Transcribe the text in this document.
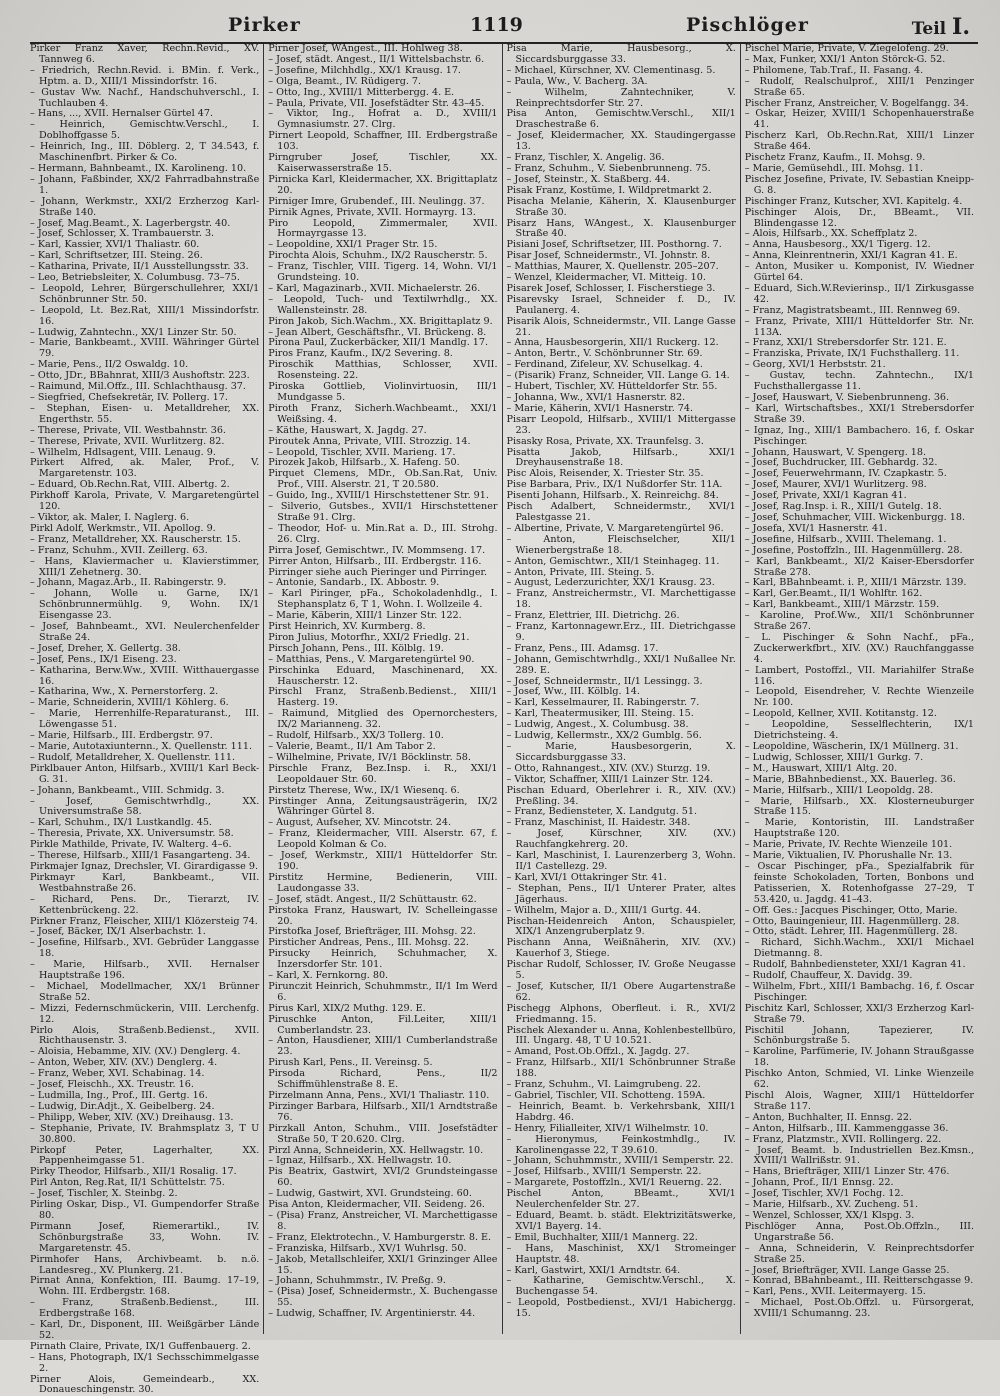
Pirker	1119	Pischlöger	Teil I.
Pirker Franz Xaver, Rechn.Revid., XV. Tannweg 6.
– Friedrich, Rechn.Revid. i. BMin. f. Verk., Hptm. a. D., XIII/1 Missindorfstr. 16.
– Gustav Ww. Nachf., Handschuhverschl., I. Tuchlauben 4.
– Hans, ..., XVII. Hernalser Gürtel 47.
– Heinrich, Gemischtw.Verschl., I. Doblhoffgasse 5.
– Heinrich, Ing., III. Döblerg. 2, T 34.543, f. Maschinenfbrt. Pirker & Co.
– Hermann, Bahnbeamt., IX. Karolineng. 10.
– Johann, Faßbinder, XX/2 Fahrradbahnstraße 1.
– Johann, Werkmstr., XXI/2 Erzherzog Karl-Straße 140.
– Josef, Mag.Beamt., X. Lagerbergstr. 40.
– Josef, Schlosser, X. Trambauerstr. 3.
– Karl, Kassier, XVI/1 Thaliastr. 60.
– Karl, Schriftsetzer, III. Steing. 26.
– Katharina, Private, II/1 Ausstellungsstr. 33.
– Leo, Betriebsleiter, X. Columbusg. 73–75.
– Leopold, Lehrer, Bürgerschullehrer, XXI/1 Schönbrunner Str. 50.
– Leopold, Lt. Bez.Rat, XIII/1 Missindorfstr. 16.
– Ludwig, Zahntechn., XX/1 Linzer Str. 50.
– Marie, Bankbeamt., XVIII. Währinger Gürtel 79.
– Marie, Pens., II/2 Oswaldg. 10.
– Otto, JDr., BBahnrat, XIII/3 Aushoftstr. 223.
– Raimund, Mil.Offz., III. Schlachthausg. 37.
– Siegfried, Chefsekretär, IV. Pollerg. 17.
– Stephan, Eisen- u. Metalldreher, XX. Engerthstr. 55.
– Therese, Private, VII. Westbahnstr. 36.
– Therese, Private, XVII. Wurlitzerg. 82.
– Wilhelm, Hdlsagent, VIII. Lenaug. 9.
Pirkert Alfred, ak. Maler, Prof., V. Margaretenstr. 103.
– Eduard, Ob.Rechn.Rat, VIII. Albertg. 2.
Pirkhoff Karola, Private, V. Margaretengürtel 120.
– Viktor, ak. Maler, I. Naglerg. 6.
Pirkl Adolf, Werkmstr., VII. Apollog. 9.
– Franz, Metalldreher, XX. Rauscherstr. 15.
– Franz, Schuhm., XVII. Zeillerg. 63.
– Hans, Klaviermacher u. Klavierstimmer, XIII/1 Zehetnerg. 30.
– Johann, Magaz.Arb., II. Rabingerstr. 9.
– Johann, Wolle u. Garne, IX/1 Schönbrunnermühlg. 9, Wohn. IX/1 Eisengasse 23.
– Josef, Bahnbeamt., XVI. Neulerchenfelder Straße 24.
– Josef, Dreher, X. Gellertg. 38.
– Josef, Pens., IX/1 Eiseng. 23.
– Katharina, Berw.Ww., XVIII. Witthauergasse 16.
– Katharina, Ww., X. Pernerstorferg. 2.
– Marie, Schneiderin, XVIII/1 Köhlerg. 6.
– Marie, Herrenhilfe-Reparaturanst., III. Löwengasse 51.
– Marie, Hilfsarb., III. Erdbergstr. 97.
– Marie, Autotaxiunternn., X. Quellenstr. 111.
– Rudolf, Metalldreher, X. Quellenstr. 111.
Pirklbauer Anton, Hilfsarb., XVIII/1 Karl Beck-G. 31.
– Johann, Bankbeamt., VIII. Schmidg. 3.
– Josef, Gemischtwrhdlg., XX. Universumstraße 58.
– Karl, Schuhm., IX/1 Lustkandlg. 45.
– Theresia, Private, XX. Universumstr. 58.
Pirkle Mathilde, Private, IV. Walterg. 4–6.
– Therese, Hilfsarb., XIII/1 Fasangarteng. 34.
Pirkmajer Ignaz, Drechsler, VI. Girardigasse 9.
Pirkmayr Karl, Bankbeamt., VII. Westbahnstraße 26.
– Richard, Pens. Dr., Tierarzt, IV. Kettenbrückeng. 22.
Pirkner Franz, Fleischer, XIII/1 Klözersteig 74.
– Josef, Bäcker, IX/1 Alserbachstr. 1.
– Josefine, Hilfsarb., XVI. Gebrüder Langgasse 18.
– Marie, Hilfsarb., XVII. Hernalser Hauptstraße 196.
– Michael, Modellmacher, XX/1 Brünner Straße 52.
– Mizzi, Federnschmückerin, VIII. Lerchenfg. 12.
Pirlo Alois, Straßenb.Bedienst., XVII. Richthausenstr. 3.
– Aloisia, Hebamme, XIV. (XV.) Denglerg. 4.
– Anton, Weber, XIV. (XV.) Denglerg. 4.
– Franz, Weber, XVI. Schabinag. 14.
– Josef, Fleischh., XX. Treustr. 16.
– Ludmilla, Ing., Prof., III. Gertg. 16.
– Ludwig, Dir.Adjt., X. Geibelberg. 24.
– Philipp, Weber, XIV. (XV.) Dreihausg. 13.
– Stephanie, Private, IV. Brahmsplatz 3, T U 30.800.
Pirkopf Peter, Lagerhalter, XX. Pappenheimgasse 51.
Pirky Theodor, Hilfsarb., XII/1 Rosalig. 17.
Pirl Anton, Reg.Rat, II/1 Schüttelstr. 75.
– Josef, Tischler, X. Steinbg. 2.
Pirling Oskar, Disp., VI. Gumpendorfer Straße 80.
Pirmann Josef, Riemerartikl., IV. Schönburgstraße 33, Wohn. IV. Margaretenstr. 45.
Pirmhofer Hans, Archivbeamt. b. n.ö. Landesreg., XV. Plunkerg. 21.
Pirnat Anna, Konfektion, III. Baumg. 17–19, Wohn. III. Erdbergstr. 168.
– Franz, Straßenb.Bedienst., III. Erdbergstraße 168.
– Karl, Dr., Disponent, III. Weißgärber Lände 52.
Pirnath Claire, Private, IX/1 Guffenbauerg. 2.
– Hans, Photograph, IX/1 Sechsschimmelgasse 2.
Pirner Alois, Gemeindearb., XX. Donaueschingenstr. 30.
Pirner Josef, WAngest., III. Hohlweg 38.
– Josef, städt. Angest., II/1 Wittelsbachstr. 6.
– Josefine, Milchhdlg., XX/1 Krausg. 17.
– Olga, Beamt., IV. Rüdigerg. 7.
– Otto, Ing., XVIII/1 Mitterbergg. 4. E.
– Paula, Private, VII. Josefstädter Str. 43–45.
– Viktor, Ing., Hofrat a. D., XVIII/1 Gymnasiumstr. 27. Clrg.
Pirnert Leopold, Schaffner, III. Erdbergstraße 103.
Pirngruber Josef, Tischler, XX. Kaiserwasserstraße 15.
Pirnicka Karl, Kleidermacher, XX. Brigittaplatz 20.
Pirniger Imre, Grubendef., III. Neulingg. 37.
Pirnik Agnes, Private, XVII. Hormayrg. 13.
Piro Leopold, Zimmermaler, XVII. Hormayrgasse 13.
– Leopoldine, XXI/1 Prager Str. 15.
Pirochta Alois, Schuhm., IX/2 Rauscherstr. 5.
– Franz, Tischler, VIII. Tigerg. 14, Wohn. VI/1 Grundsteing. 10.
– Karl, Magazinarb., XVII. Michaelerstr. 26.
– Leopold, Tuch- und Textilwrhdlg., XX. Wallensteinstr. 28.
Piron Jakob, Sich.Wachm., XX. Brigittaplatz 9.
– Jean Albert, Geschäftsfhr., VI. Brückeng. 8.
Pirona Paul, Zuckerbäcker, XII/1 Mandlg. 17.
Piros Franz, Kaufm., IX/2 Severing. 8.
Piroschik Matthias, Schlosser, XVII. Rosensteing. 22.
Piroska Gottlieb, Violinvirtuosin, III/1 Mundgasse 5.
Piroth Franz, Sicherh.Wachbeamt., XXI/1 Weißsing. 4.
– Käthe, Hauswart, X. Jagdg. 27.
Piroutek Anna, Private, VIII. Strozzig. 14.
– Leopold, Tischler, XVII. Marieng. 17.
Pirozek Jakob, Hilfsarb., X. Hafeng. 50.
Pirquet Clemens, MDr., Ob.San.Rat, Univ. Prof., VIII. Alserstr. 21, T 20.580.
– Guido, Ing., XVIII/1 Hirschstettener Str. 91.
– Silverio, Gutsbes., XVII/1 Hirschstettener Straße 91. Clrg.
– Theodor, Hof- u. Min.Rat a. D., III. Strohg. 26. Clrg.
Pirra Josef, Gemischtwr., IV. Mommseng. 17.
Pirrer Anton, Hilfsarb., III. Erdbergstr. 116.
Pirringer siehe auch Pieringer und Pirringer.
– Antonie, Sandarb., IX. Abbostr. 9.
– Karl Piringer, pFa., Schokoladenhdlg., I. Stephansplatz 6, T 1, Wohn. I. Wollzeile 4.
– Marie, Käberin, XIII/1 Linzer Str. 122.
Pirst Heinrich, XV. Kurmberg. 8.
Piron Julius, Motorfhr., XXI/2 Friedlg. 21.
Pirsch Johann, Pens., III. Kölblg. 19.
– Matthias, Pens., V. Margaretengürtel 90.
Pirschinka Eduard, Maschinenard, XX. Hauscherstr. 12.
Pirschl Franz, Straßenb.Bedienst., XIII/1 Hasterg. 19.
– Raimund, Mitglied des Opernorchesters, IX/2 Marianneng. 32.
– Rudolf, Hilfsarb., XX/3 Tollerg. 10.
– Valerie, Beamt., II/1 Am Tabor 2.
– Wilhelmine, Private, IV/1 Böcklinstr. 58.
Pirschle Franz, Bez.Insp. i. R., XXI/1 Leopoldauer Str. 60.
Pirstetz Therese, Ww., IX/1 Wiesenq. 6.
Pirstinger Anna, Zeitungsausträgerin, IX/2 Währinger Gürtel 8.
– August, Aufseher, XV. Mincotstr. 24.
– Franz, Kleidermacher, VIII. Alserstr. 67, f. Leopold Kolman & Co.
– Josef, Werkmstr., XIII/1 Hütteldorfer Str. 190.
Pirstitz Hermine, Bedienerin, VIII. Laudongasse 33.
– Josef, städt. Angest., II/2 Schüttaustr. 62.
Pirstoka Franz, Hauswart, IV. Schelleingasse 20.
Pirstofka Josef, Briefträger, III. Mohsg. 22.
Pirsticher Andreas, Pens., III. Mohsg. 22.
Pirsucky Heinrich, Schuhmacher, X. Inzersdorfer Str. 101.
– Karl, X. Fernkorng. 80.
Pirunczit Heinrich, Schuhmmstr., II/1 Im Werd 6.
Pirus Karl, XIX/2 Muthg. 129. E.
Piruschke Anton, Fil.Leiter, XIII/1 Cumberlandstr. 23.
– Anton, Hausdiener, XIII/1 Cumberlandstraße 23.
Pirush Karl, Pens., II. Vereinsg. 5.
Pirsoda Richard, Pens., II/2 Schiffmühlenstraße 8. E.
Pirzelmann Anna, Pens., XVI/1 Thaliastr. 110.
Pirzinger Barbara, Hilfsarb., XII/1 Arndtstraße 76.
Pirzkall Anton, Schuhm., VIII. Josefstädter Straße 50, T 20.620. Clrg.
Pirzl Anna, Schneiderin, XX. Hellwagstr. 10.
– Ignaz, Hilfsarb., XX. Hellwagstr. 10.
Pis Beatrix, Gastwirt, XVI/2 Grundsteingasse 60.
– Ludwig, Gastwirt, XVI. Grundsteing. 60.
Pisa Anton, Kleidermacher, VII. Seideng. 26.
– (Pisa) Franz, Anstreicher, VI. Marchettigasse 8.
– Franz, Elektrotechn., V. Hamburgerstr. 8. E.
– Franziska, Hilfsarb., XV/1 Wuhrlsg. 50.
– Jakob, Metallschleifer, XXI/1 Grinzinger Allee 15.
– Johann, Schuhmmstr., IV. Preßg. 9.
– (Pisa) Josef, Schneidermstr., X. Buchengasse 55.
– Ludwig, Schaffner, IV. Argentinierstr. 44.
Pisa Marie, Hausbesorg., X. Siccardsburggasse 33.
– Michael, Kürschner, XV. Clementinasg. 5.
– Paula, Ww., V. Bacherg. 3A.
– Wilhelm, Zahntechniker, V. Reinprechtsdorfer Str. 27.
Pisa Anton, Gemischtw.Verschl., XII/1 Draschestraße 6.
– Josef, Kleidermacher, XX. Staudingergasse 13.
– Franz, Tischler, X. Angelig. 36.
– Franz, Schuhm., V. Siebenbrunneng. 75.
– Josef, Steinstr., X. Staßberg. 44.
Pisak Franz, Kostüme, I. Wildpretmarkt 2.
Pisacha Melanie, Käherin, X. Klausenburger Straße 30.
Pisarz Hans, WAngest., X. Klausenburger Straße 40.
Pisiani Josef, Schriftsetzer, III. Posthorng. 7.
Pisar Josef, Schneidermstr., VI. Johnstr. 8.
– Matthias, Maurer, X. Quellenstr. 205–207.
– Wenzel, Kleidermacher, VI. Mitteig. 10.
Pisarek Josef, Schlosser, I. Fischerstiege 3.
Pisarevsky Israel, Schneider f. D., IV. Paulanerg. 4.
Pisarik Alois, Schneidermstr., VII. Lange Gasse 21.
– Anna, Hausbesorgerin, XII/1 Ruckerg. 12.
– Anton, Bertr., V. Schönbrunner Str. 69.
– Ferdinand, Zifeleur, XV. Schuselkag. 4.
– (Pisarik) Franz, Schneider, VII. Lange G. 14.
– Hubert, Tischler, XV. Hütteldorfer Str. 55.
– Johanna, Ww., XVI/1 Hasnerstr. 82.
– Marie, Käherin, XVI/1 Hasnerstr. 74.
Pisarr Leopold, Hilfsarb., XVIII/1 Mittergasse 23.
Pisasky Rosa, Private, XX. Traunfelsg. 3.
Pisatta Jakob, Hilfsarb., XXI/1 Dreyhausenstraße 18.
Pisc Alois, Reisender, X. Triester Str. 35.
Pise Barbara, Priv., IX/1 Nußdorfer Str. 11A.
Pisenti Johann, Hilfsarb., X. Reinreichg. 84.
Pisch Adalbert, Schneidermstr., XVI/1 Palestgasse 21.
– Albertine, Private, V. Margaretengürtel 96.
– Anton, Fleischselcher, XII/1 Wienerbergstraße 18.
– Anton, Gemischtwr., XII/1 Steinhageg. 11.
– Anton, Private, III. Steing. 5.
– August, Lederzurichter, XX/1 Krausg. 23.
– Franz, Anstreichermstr., VI. Marchettigasse 18.
– Franz, Elettrier, III. Dietrichg. 26.
– Franz, Kartonnagewr.Erz., III. Dietrichgasse 9.
– Franz, Pens., III. Adamsg. 17.
– Johann, Gemischtwrhdlg., XXI/1 Nußallee Nr. 289. E.
– Josef, Schneidermstr., II/1 Lessingg. 3.
– Josef, Ww., III. Kölblg. 14.
– Karl, Kesselmaurer, II. Rabingerstr. 7.
– Karl, Theatermusiker, III. Steing. 15.
– Ludwig, Angest., X. Columbusg. 38.
– Ludwig, Kellermstr., XX/2 Gumblg. 56.
– Marie, Hausbesorgerin, X. Siccardsburggasse 33.
– Otto, Rahnangest., XIV. (XV.) Sturzg. 19.
– Viktor, Schaffner, XIII/1 Lainzer Str. 124.
Pischan Eduard, Oberlehrer i. R., XIV. (XV.) Preßling. 34.
– Franz, Bediensteter, X. Landgutg. 51.
– Franz, Maschinist, II. Haidestr. 348.
– Josef, Kürschner, XIV. (XV.) Rauchfangkehrerg. 20.
– Karl, Maschinist, I. Laurenzerberg 3, Wohn. II/1 Castellezg. 29.
– Karl, XVI/1 Ottakringer Str. 41.
– Stephan, Pens., II/1 Unterer Prater, altes Jägerhaus.
– Wilhelm, Major a. D., XIII/1 Gurtg. 44.
Pischan-Heidenreich Anton, Schauspieler, XIX/1 Anzengruberplatz 9.
Pischann Anna, Weißnäherin, XIV. (XV.) Kauerhof 3, Stiege.
Pischar Rudolf, Schlosser, IV. Große Neugasse 5.
– Josef, Kutscher, II/1 Obere Augartenstraße 62.
Pischegg Alphons, Oberfleut. i. R., XVI/2 Friedmanng. 15.
Pischek Alexander u. Anna, Kohlenbestellbüro, III. Ungarg. 48, T U 10.521.
– Amand, Post.Ob.Offzl., X. Jagdg. 27.
– Franz, Hilfsarb., XII/1 Schönbrunner Straße 188.
– Franz, Schuhm., VI. Laimgrubeng. 22.
– Gabriel, Tischler, VII. Schotteng. 159A.
– Heinrich, Beamt. b. Verkehrsbank, XIII/1 Habdrg. 46.
– Henry, Filialleiter, XIV/1 Wilhelmstr. 10.
– Hieronymus, Feinkostmhdlg., IV. Karolinengasse 22, T 39.610.
– Johann, Schuhmmstr., XVIII/1 Semperstr. 22.
– Josef, Hilfsarb., XVIII/1 Semperstr. 22.
– Margarete, Postoffzln., XVI/1 Reuerng. 22.
Pischel Anton, BBeamt., XVI/1 Neulerchenfelder Str. 27.
– Eduard, Beamt. b. städt. Elektrizitätswerke, XVI/1 Bayerg. 14.
– Emil, Buchhalter, XIII/1 Mannerg. 22.
– Hans, Maschinist, XX/1 Stromeinger Hauptstr. 48.
– Karl, Gastwirt, XXI/1 Arndtstr. 64.
– Katharine, Gemischtw.Verschl., X. Buchengasse 54.
– Leopold, Postbedienst., XVI/1 Habichergg. 15.
Pischel Marie, Private, V. Ziegelofeng. 29.
– Max, Funker, XXI/1 Anton Störck-G. 52.
– Philomene, Tab.Traf., II. Fasang. 4.
– Rudolf, Realschulprof., XIII/1 Penzinger Straße 65.
Pischer Franz, Anstreicher, V. Bogelfangg. 34.
– Oskar, Heizer, XVIII/1 Schopenhauerstraße 41.
Pischerz Karl, Ob.Rechn.Rat, XIII/1 Linzer Straße 464.
Pischetz Franz, Kaufm., II. Mohsg. 9.
– Marie, Gemüsehdl., III. Mohsg. 11.
Pischez Josefine, Private, IV. Sebastian Kneipp-G. 8.
Pischinger Franz, Kutscher, XVI. Kapitelg. 4.
Pischinger Alois, Dr., BBeamt., VII. Blindengasse 12.
– Alois, Hilfsarb., XX. Scheffplatz 2.
– Anna, Hausbesorg., XX/1 Tigerg. 12.
– Anna, Kleinrentnerin, XXI/1 Kagran 41. E.
– Anton, Musiker u. Komponist, IV. Wiedner Gürtel 64.
– Eduard, Sich.W.Revierinsp., II/1 Zirkusgasse 42.
– Franz, Magistratsbeamt., III. Rennweg 69.
– Franz, Private, XIII/1 Hütteldorfer Str. Nr. 113A.
– Franz, XXI/1 Strebersdorfer Str. 121. E.
– Franziska, Private, IX/1 Fuchsthallerg. 11.
– Georg, XVI/1 Herbststr. 21.
– Gustav, techn. Zahntechn., IX/1 Fuchsthallergasse 11.
– Josef, Hauswart, V. Siebenbrunneng. 36.
– Karl, Wirtschaftsbes., XXI/1 Strebersdorfer Straße 39.
– Ignaz, Ing., XIII/1 Bambachero. 16, f. Oskar Pischinger.
– Johann, Hauswart, V. Spengerg. 18.
– Josef, Buchdrucker, III. Gebhardg. 32.
– Josef, Feuerwehrmann, IV. Czapkastr. 5.
– Josef, Maurer, XVI/1 Wurlitzerg. 98.
– Josef, Private, XXI/1 Kagran 41.
– Josef, Rag.Insp. i. R., XIII/1 Gutelg. 18.
– Josef, Schuhmacher, VIII. Wickenburgg. 18.
– Josefa, XVI/1 Hasnerstr. 41.
– Josefine, Hilfsarb., XVIII. Thelemang. 1.
– Josefine, Postoffzln., III. Hagenmüllerg. 28.
– Karl, Bankbeamt., XI/2 Kaiser-Ebersdorfer Straße 278.
– Karl, BBahnbeamt. i. P., XIII/1 Märzstr. 139.
– Karl, Ger.Beamt., II/1 Wohlftr. 162.
– Karl, Bankbeamt., XIII/1 Märzstr. 159.
– Karoline, Prof.Ww., XII/1 Schönbrunner Straße 267.
– L. Pischinger & Sohn Nachf., pFa., Zuckerwerkfbrt., XIV. (XV.) Rauchfanggasse 4.
– Lambert, Postoffzl., VII. Mariahilfer Straße 116.
– Leopold, Eisendreher, V. Rechte Wienzeile Nr. 100.
– Leopold, Kellner, XVII. Kotitanstg. 12.
– Leopoldine, Sesselflechterin, IX/1 Dietrichsteing. 4.
– Leopoldine, Wäscherin, IX/1 Müllnerg. 31.
– Ludwig, Schlosser, XIII/1 Gurkg. 7.
– M., Hauswart, XIII/1 Altg. 20.
– Marie, BBahnbedienst., XX. Bauerleg. 36.
– Marie, Hilfsarb., XIII/1 Leopoldg. 28.
– Marie, Hilfsarb., XX. Klosterneuburger Straße 115.
– Marie, Kontoristin, III. Landstraßer Hauptstraße 120.
– Marie, Private, IV. Rechte Wienzeile 101.
– Marie, Viktualien, IV. Phorushalle Nr. 13.
– Oscar Pischinger, pFa., Spezialfabrik für feinste Schokoladen, Torten, Bonbons und Patisserien, X. Rotenhofgasse 27–29, T 53.420, u. Jagdg. 41–43.
– Off. Ges.: Jacques Pischinger, Otto, Marie.
– Otto, Bauingenieur, III. Hagenmüllerg. 28.
– Otto, städt. Lehrer, III. Hagenmüllerg. 28.
– Richard, Sichh.Wachm., XXI/1 Michael Dietmanng. 8.
– Rudolf, Bahnbediensteter, XXI/1 Kagran 41.
– Rudolf, Chauffeur, X. Davidg. 39.
– Wilhelm, Fbrt., XIII/1 Bambachg. 16, f. Oscar Pischinger.
Pischitz Karl, Schlosser, XXI/3 Erzherzog Karl-Straße 79.
Pischitil Johann, Tapezierer, IV. Schönburgstraße 5.
– Karoline, Parfümerie, IV. Johann Straußgasse 18.
Pischko Anton, Schmied, VI. Linke Wienzeile 62.
Pischl Alois, Wagner, XIII/1 Hütteldorfer Straße 117.
– Anton, Buchhalter, II. Ennsg. 22.
– Anton, Hilfsarb., III. Kammenggasse 36.
– Franz, Platzmstr., XVII. Rollingerg. 22.
– Josef, Beamt. b. Industriellen Bez.Kmsn., XVIII/1 Wallrißstr. 91.
– Hans, Briefträger, XIII/1 Linzer Str. 476.
– Johann, Prof., II/1 Ennsg. 22.
– Josef, Tischler, XV/1 Fochg. 12.
– Marie, Hilfsarb., XV. Zucheng. 51.
– Wenzel, Schlosser, XX/1 Klspg. 3.
Pischlöger Anna, Post.Ob.Offzln., III. Ungarstraße 56.
– Anna, Schneiderin, V. Reinprechtsdorfer Straße 25.
– Josef, Briefträger, XVII. Lange Gasse 25.
– Konrad, BBahnbeamt., III. Reitterschgasse 9.
– Karl, Pens., XVII. Leitermayerg. 15.
– Michael, Post.Ob.Offzl. u. Fürsorgerat, XVIII/1 Schumanng. 23.
